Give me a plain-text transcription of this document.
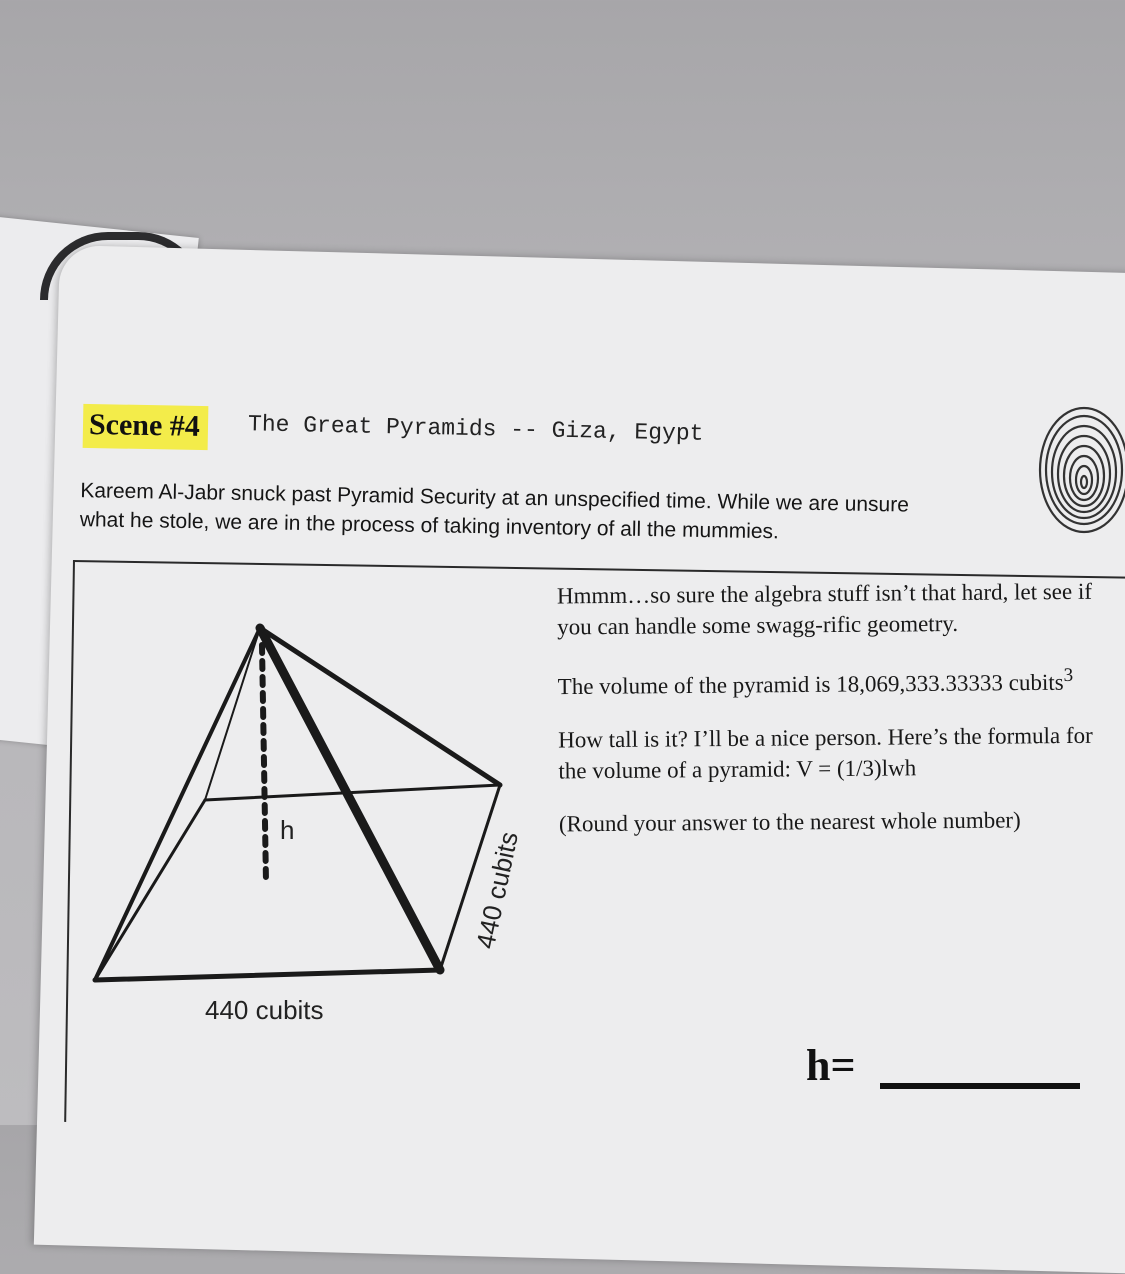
Scene #4	The Great Pyramids -- Giza, Egypt

Kareem Al-Jabr snuck past Pyramid Security at an unspecified time. While we are unsure

what he stole, we are in the process of taking inventory of all the mummies.

h
440 cubits
440 cubits

Hmmm…so sure the algebra stuff isn’t that hard, let see if you can handle some swagg-rific geometry.

The volume of the pyramid is 18,069,333.33333 cubits$^3$

How tall is it? I’ll be a nice person. Here’s the formula for the volume of a pyramid: V = (1/3)lwh

(Round your answer to the nearest whole number)

h=
